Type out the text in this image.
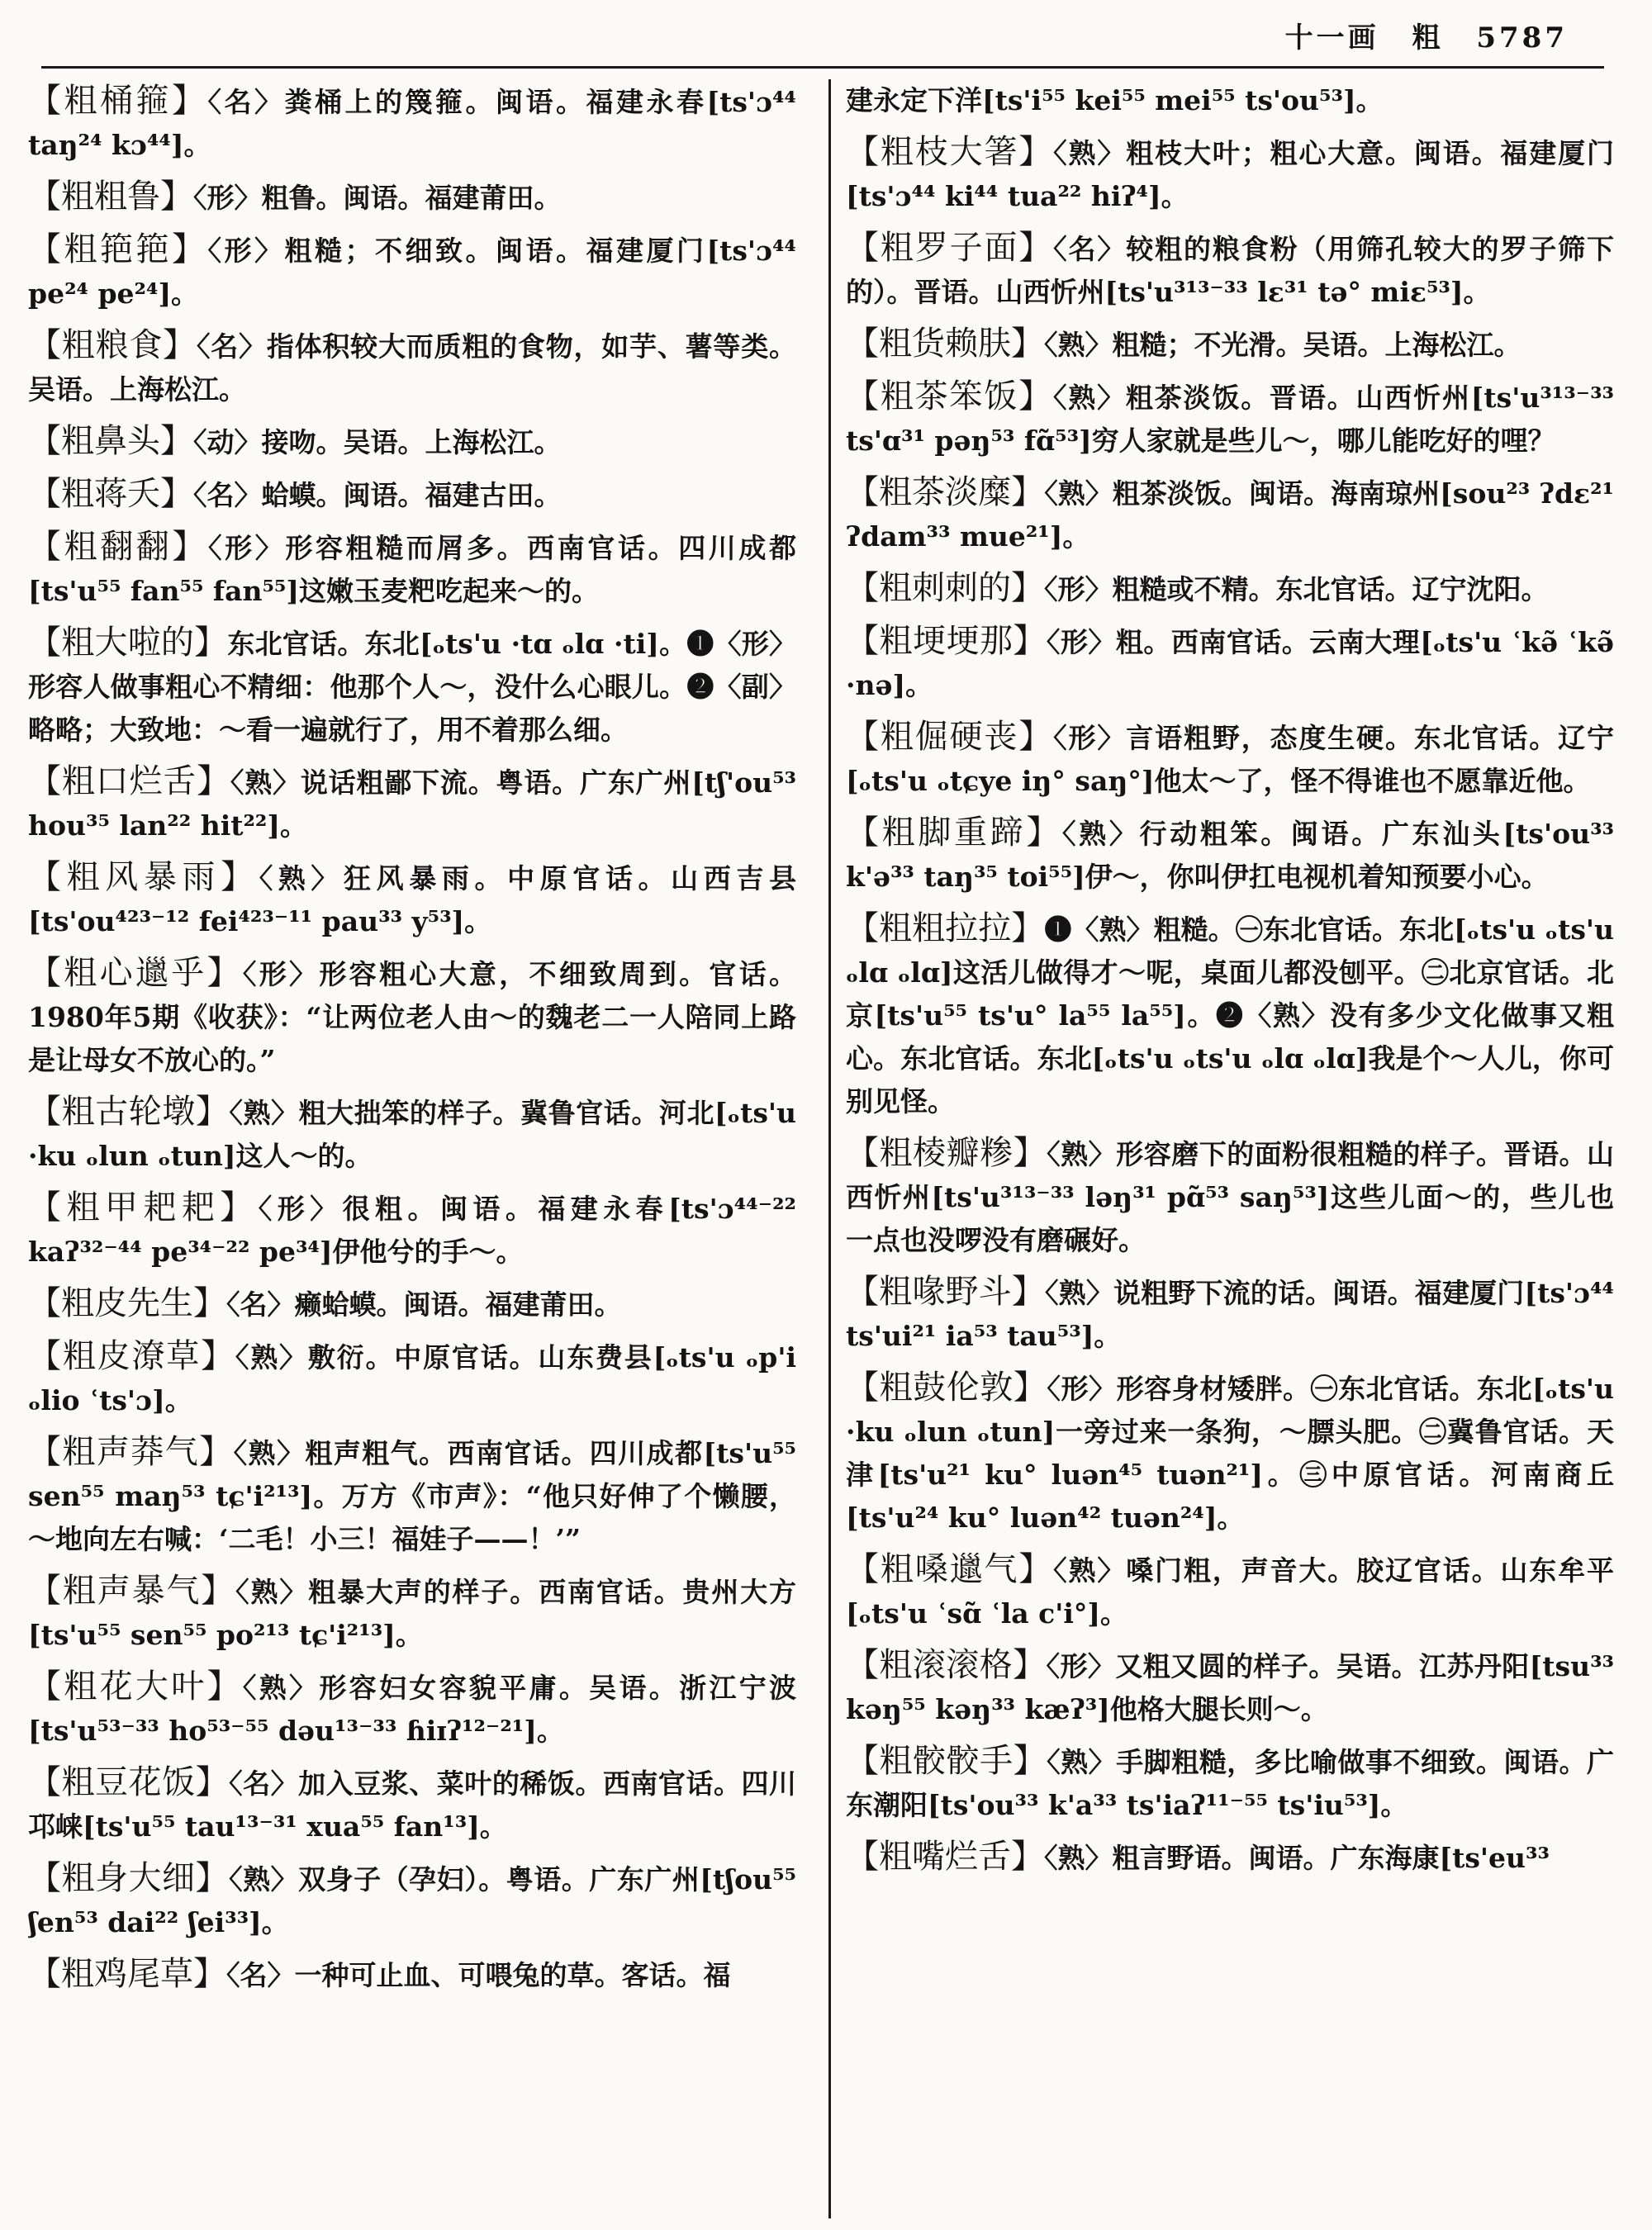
十一画 粗 5787
【粗桶箍】〈名〉粪桶上的篾箍。闽语。福建永春[ts'ɔ⁴⁴ taŋ²⁴ kɔ⁴⁴]。
【粗粗鲁】〈形〉粗鲁。闽语。福建莆田。
【粗筢筢】〈形〉粗糙；不细致。闽语。福建厦门[ts'ɔ⁴⁴ pe²⁴ pe²⁴]。
【粗粮食】〈名〉指体积较大而质粗的食物，如芋、薯等类。吴语。上海松江。
【粗鼻头】〈动〉接吻。吴语。上海松江。
【粗蒋夭】〈名〉蛤蟆。闽语。福建古田。
【粗翻翻】〈形〉形容粗糙而屑多。西南官话。四川成都[ts'u⁵⁵ fan⁵⁵ fan⁵⁵]这嫩玉麦粑吃起来～的。
【粗大啦的】东北官话。东北[ₒts'u ·tɑ ₒlɑ ·ti]。❶〈形〉形容人做事粗心不精细：他那个人～，没什么心眼儿。❷〈副〉略略；大致地：～看一遍就行了，用不着那么细。
【粗口烂舌】〈熟〉说话粗鄙下流。粤语。广东广州[tʃ'ou⁵³ hou³⁵ lan²² hit²²]。
【粗风暴雨】〈熟〉狂风暴雨。中原官话。山西吉县[ts'ou⁴²³⁻¹² fei⁴²³⁻¹¹ pau³³ y⁵³]。
【粗心邋乎】〈形〉形容粗心大意，不细致周到。官话。1980年5期《收获》：“让两位老人由～的魏老二一人陪同上路是让母女不放心的。”
【粗古轮墩】〈熟〉粗大拙笨的样子。冀鲁官话。河北[ₒts'u ·ku ₒlun ₒtun]这人～的。
【粗甲耙耙】〈形〉很粗。闽语。福建永春[ts'ɔ⁴⁴⁻²² kaʔ³²⁻⁴⁴ pe³⁴⁻²² pe³⁴]伊他兮的手～。
【粗皮先生】〈名〉癞蛤蟆。闽语。福建莆田。
【粗皮潦草】〈熟〉敷衍。中原官话。山东费县[ₒts'u ₒp'i ₒlio ʿts'ɔ]。
【粗声莽气】〈熟〉粗声粗气。西南官话。四川成都[ts'u⁵⁵ sen⁵⁵ maŋ⁵³ tɕ'i²¹³]。万方《市声》：“他只好伸了个懒腰，～地向左右喊：‘二毛！小三！福娃子——！’”
【粗声暴气】〈熟〉粗暴大声的样子。西南官话。贵州大方[ts'u⁵⁵ sen⁵⁵ po²¹³ tɕ'i²¹³]。
【粗花大叶】〈熟〉形容妇女容貌平庸。吴语。浙江宁波[ts'u⁵³⁻³³ ho⁵³⁻⁵⁵ dəu¹³⁻³³ ɦiɪʔ¹²⁻²¹]。
【粗豆花饭】〈名〉加入豆浆、菜叶的稀饭。西南官话。四川邛崃[ts'u⁵⁵ tau¹³⁻³¹ xua⁵⁵ fan¹³]。
【粗身大细】〈熟〉双身子（孕妇）。粤语。广东广州[tʃou⁵⁵ ʃen⁵³ dai²² ʃei³³]。
【粗鸡尾草】〈名〉一种可止血、可喂兔的草。客话。福
建永定下洋[ts'i⁵⁵ kei⁵⁵ mei⁵⁵ ts'ou⁵³]。
【粗枝大箸】〈熟〉粗枝大叶；粗心大意。闽语。福建厦门[ts'ɔ⁴⁴ ki⁴⁴ tua²² hiʔ⁴]。
【粗罗子面】〈名〉较粗的粮食粉（用筛孔较大的罗子筛下的）。晋语。山西忻州[ts'u³¹³⁻³³ lɛ³¹ tə° miɛ⁵³]。
【粗货赖肤】〈熟〉粗糙；不光滑。吴语。上海松江。
【粗茶笨饭】〈熟〉粗茶淡饭。晋语。山西忻州[ts'u³¹³⁻³³ ts'ɑ³¹ pəŋ⁵³ fɑ̃⁵³]穷人家就是些儿～，哪儿能吃好的哩？
【粗茶淡糜】〈熟〉粗茶淡饭。闽语。海南琼州[sou²³ ʔdɛ²¹ ʔdam³³ mue²¹]。
【粗刺刺的】〈形〉粗糙或不精。东北官话。辽宁沈阳。
【粗埂埂那】〈形〉粗。西南官话。云南大理[ₒts'u ʿkə̃ ʿkə̃ ·nə]。
【粗倔硬丧】〈形〉言语粗野，态度生硬。东北官话。辽宁[ₒts'u ₒtɕye iŋ° saŋ°]他太～了，怪不得谁也不愿靠近他。
【粗脚重蹄】〈熟〉行动粗笨。闽语。广东汕头[ts'ou³³ k'ə³³ taŋ³⁵ toi⁵⁵]伊～，你叫伊扛电视机着知预要小心。
【粗粗拉拉】❶〈熟〉粗糙。㊀东北官话。东北[ₒts'u ₒts'u ₒlɑ ₒlɑ]这活儿做得才～呢，桌面儿都没刨平。㊁北京官话。北京[ts'u⁵⁵ ts'u° la⁵⁵ la⁵⁵]。❷〈熟〉没有多少文化做事又粗心。东北官话。东北[ₒts'u ₒts'u ₒlɑ ₒlɑ]我是个～人儿，你可别见怪。
【粗棱瓣糁】〈熟〉形容磨下的面粉很粗糙的样子。晋语。山西忻州[ts'u³¹³⁻³³ ləŋ³¹ pɑ̃⁵³ saŋ⁵³]这些儿面～的，些儿也一点也没啰没有磨碾好。
【粗喙野斗】〈熟〉说粗野下流的话。闽语。福建厦门[ts'ɔ⁴⁴ ts'ui²¹ ia⁵³ tau⁵³]。
【粗鼓伦敦】〈形〉形容身材矮胖。㊀东北官话。东北[ₒts'u ·ku ₒlun ₒtun]一旁过来一条狗，～膘头肥。㊁冀鲁官话。天津[ts'u²¹ ku° luən⁴⁵ tuən²¹]。㊂中原官话。河南商丘[ts'u²⁴ ku° luən⁴² tuən²⁴]。
【粗嗓邋气】〈熟〉嗓门粗，声音大。胶辽官话。山东牟平[ₒts'u ʿsɑ̃ ʿla c'i°]。
【粗滚滚格】〈形〉又粗又圆的样子。吴语。江苏丹阳[tsu³³ kəŋ⁵⁵ kəŋ³³ kæʔ³]他格大腿长则～。
【粗骹骹手】〈熟〉手脚粗糙，多比喻做事不细致。闽语。广东潮阳[ts'ou³³ k'a³³ ts'iaʔ¹¹⁻⁵⁵ ts'iu⁵³]。
【粗嘴烂舌】〈熟〉粗言野语。闽语。广东海康[ts'eu³³
